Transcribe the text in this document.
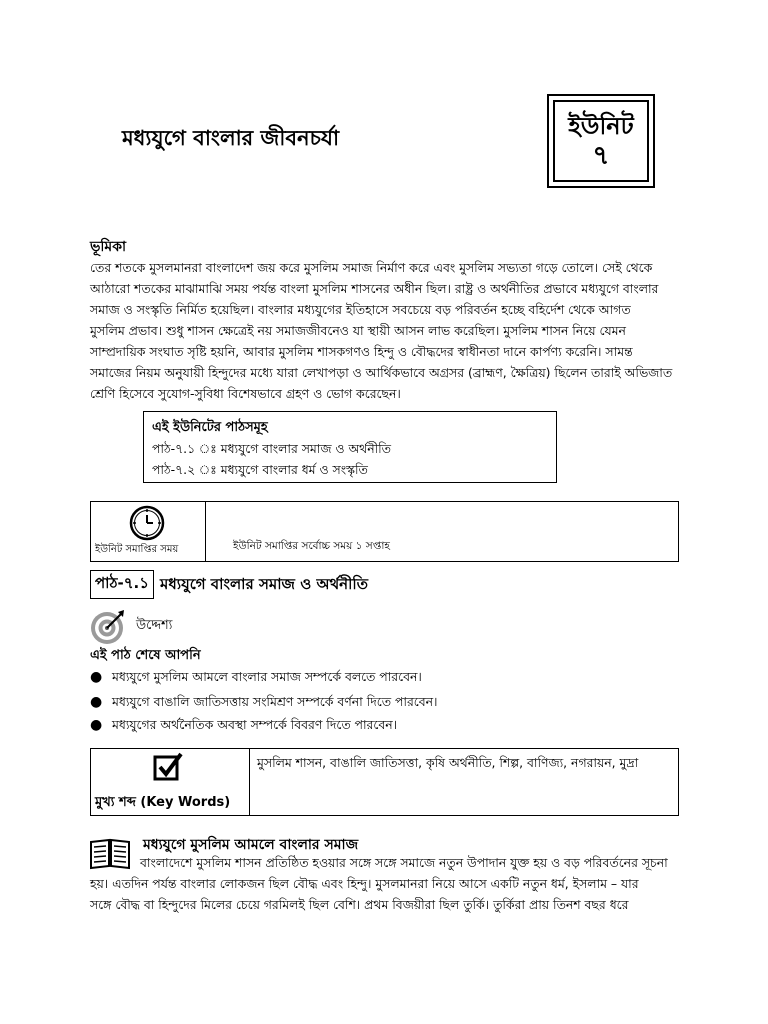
ইউনিট
৭
মধ্যযুগে বাংলার জীবনচর্যা
ভূমিকা
তের শতকে মুসলমানরা বাংলাদেশ জয় করে মুসলিম সমাজ নির্মাণ করে এবং মুসলিম সভ্যতা গড়ে তোলে। সেই থেকে
আঠারো শতকের মাঝামাঝি সময় পর্যন্ত বাংলা মুসলিম শাসনের অধীন ছিল। রাষ্ট্র ও অর্থনীতির প্রভাবে মধ্যযুগে বাংলার
সমাজ ও সংস্কৃতি নির্মিত হয়েছিল। বাংলার মধ্যযুগের ইতিহাসে সবচেয়ে বড় পরিবর্তন হচ্ছে বহির্দেশ থেকে আগত
মুসলিম প্রভাব। শুধু শাসন ক্ষেত্রেই নয় সমাজজীবনেও যা স্থায়ী আসন লাভ করেছিল। মুসলিম শাসন নিয়ে যেমন
সাম্প্রদায়িক সংঘাত সৃষ্টি হয়নি, আবার মুসলিম শাসকগণও হিন্দু ও বৌদ্ধদের স্বাধীনতা দানে কার্পণ্য করেনি। সামন্ত
সমাজের নিয়ম অনুযায়ী হিন্দুদের মধ্যে যারা লেখাপড়া ও আর্থিকভাবে অগ্রসর (ব্রাহ্মণ, ক্ষৈত্রিয়) ছিলেন তারাই অভিজাত
শ্রেণি হিসেবে সুযোগ-সুবিধা বিশেষভাবে গ্রহণ ও ভোগ করেছেন।
এই ইউনিটের পাঠসমূহ
পাঠ-৭.১ ঃ মধ্যযুগে বাংলার সমাজ ও অর্থনীতি
পাঠ-৭.২ ঃ মধ্যযুগে বাংলার ধর্ম ও সংস্কৃতি
ইউনিট সমাপ্তির সময়	ইউনিট সমাপ্তির সর্বোচ্চ সময় ১ সপ্তাহ
পাঠ-৭.১ মধ্যযুগে বাংলার সমাজ ও অর্থনীতি
উদ্দেশ্য
এই পাঠ শেষে আপনি
● মধ্যযুগে মুসলিম আমলে বাংলার সমাজ সম্পর্কে বলতে পারবেন।
● মধ্যযুগে বাঙালি জাতিসত্তায় সংমিশ্রণ সম্পর্কে বর্ণনা দিতে পারবেন।
● মধ্যযুগের অর্থনৈতিক অবস্থা সম্পর্কে বিবরণ দিতে পারবেন।
মুখ্য শব্দ (Key Words)
মুসলিম শাসন, বাঙালি জাতিসত্তা, কৃষি অর্থনীতি, শিল্প, বাণিজ্য, নগরায়ন, মুদ্রা
মধ্যযুগে মুসলিম আমলে বাংলার সমাজ
বাংলাদেশে মুসলিম শাসন প্রতিষ্ঠিত হওয়ার সঙ্গে সঙ্গে সমাজে নতুন উপাদান যুক্ত হয় ও বড় পরিবর্তনের সূচনা
হয়। এতদিন পর্যন্ত বাংলার লোকজন ছিল বৌদ্ধ এবং হিন্দু। মুসলমানরা নিয়ে আসে একটি নতুন ধর্ম, ইসলাম – যার
সঙ্গে বৌদ্ধ বা হিন্দুদের মিলের চেয়ে গরমিলই ছিল বেশি। প্রথম বিজয়ীরা ছিল তুর্কি। তুর্কিরা প্রায় তিনশ বছর ধরে
